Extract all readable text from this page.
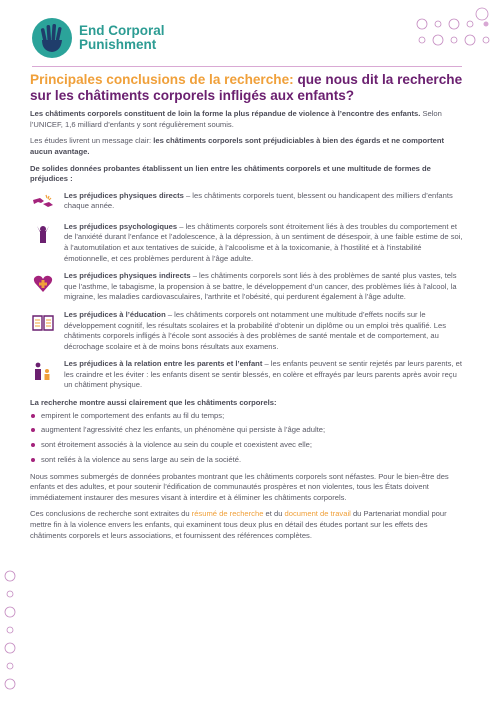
End Corporal
Punishment
Principales conclusions de la recherche: que nous dit la recherche sur les châtiments corporels infligés aux enfants?

Les châtiments corporels constituent de loin la forme la plus répandue de violence à l’encontre des enfants. Selon l’UNICEF, 1,6 milliard d’enfants y sont régulièrement soumis.

Les études livrent un message clair: les châtiments corporels sont préjudiciables à bien des égards et ne comportent aucun avantage.

De solides données probantes établissent un lien entre les châtiments corporels et une multitude de formes de préjudices :

Les préjudices physiques directs – les châtiments corporels tuent, blessent ou handicapent des milliers d’enfants chaque année.
Les préjudices psychologiques – les châtiments corporels sont étroitement liés à des troubles du comportement et de l’anxiété durant l’enfance et l’adolescence, à la dépression, à un sentiment de désespoir, à une faible estime de soi, à l’automutilation et aux tentatives de suicide, à l’alcoolisme et à la toxicomanie, à l’hostilité et à l’instabilité émotionnelle, et ces problèmes perdurent à l’âge adulte.
Les préjudices physiques indirects – les châtiments corporels sont liés à des problèmes de santé plus vastes, tels que l’asthme, le tabagisme, la propension à se battre, le développement d’un cancer, des problèmes liés à l’alcool, la migraine, les maladies cardiovasculaires, l’arthrite et l’obésité, qui perdurent également à l’âge adulte.
Les préjudices à l’éducation – les châtiments corporels ont notamment une multitude d’effets nocifs sur le développement cognitif, les résultats scolaires et la probabilité d’obtenir un diplôme ou un emploi très qualifié. Les châtiments corporels infligés à l’école sont associés à des problèmes de santé mentale et de comportement, au décrochage scolaire et à de moins bons résultats aux examens.
Les préjudices à la relation entre les parents et l’enfant – les enfants peuvent se sentir rejetés par leurs parents, et les craindre et les éviter : les enfants disent se sentir blessés, en colère et effrayés par leurs parents après avoir reçu un châtiment physique.

La recherche montre aussi clairement que les châtiments corporels:

empirent le comportement des enfants au fil du temps;
augmentent l’agressivité chez les enfants, un phénomène qui persiste à l’âge adulte;
sont étroitement associés à la violence au sein du couple et coexistent avec elle;
sont reliés à la violence au sens large au sein de la société.

Nous sommes submergés de données probantes montrant que les châtiments corporels sont néfastes. Pour le bien-être des enfants et des adultes, et pour soutenir l’édification de communautés prospères et non violentes, tous les États doivent immédiatement instaurer des mesures visant à interdire et à éliminer les châtiments corporels.

Ces conclusions de recherche sont extraites du résumé de recherche et du document de travail du Partenariat mondial pour mettre fin à la violence envers les enfants, qui examinent tous deux plus en détail des études portant sur les effets des châtiments corporels et leurs associations, et fournissent des références complètes.
